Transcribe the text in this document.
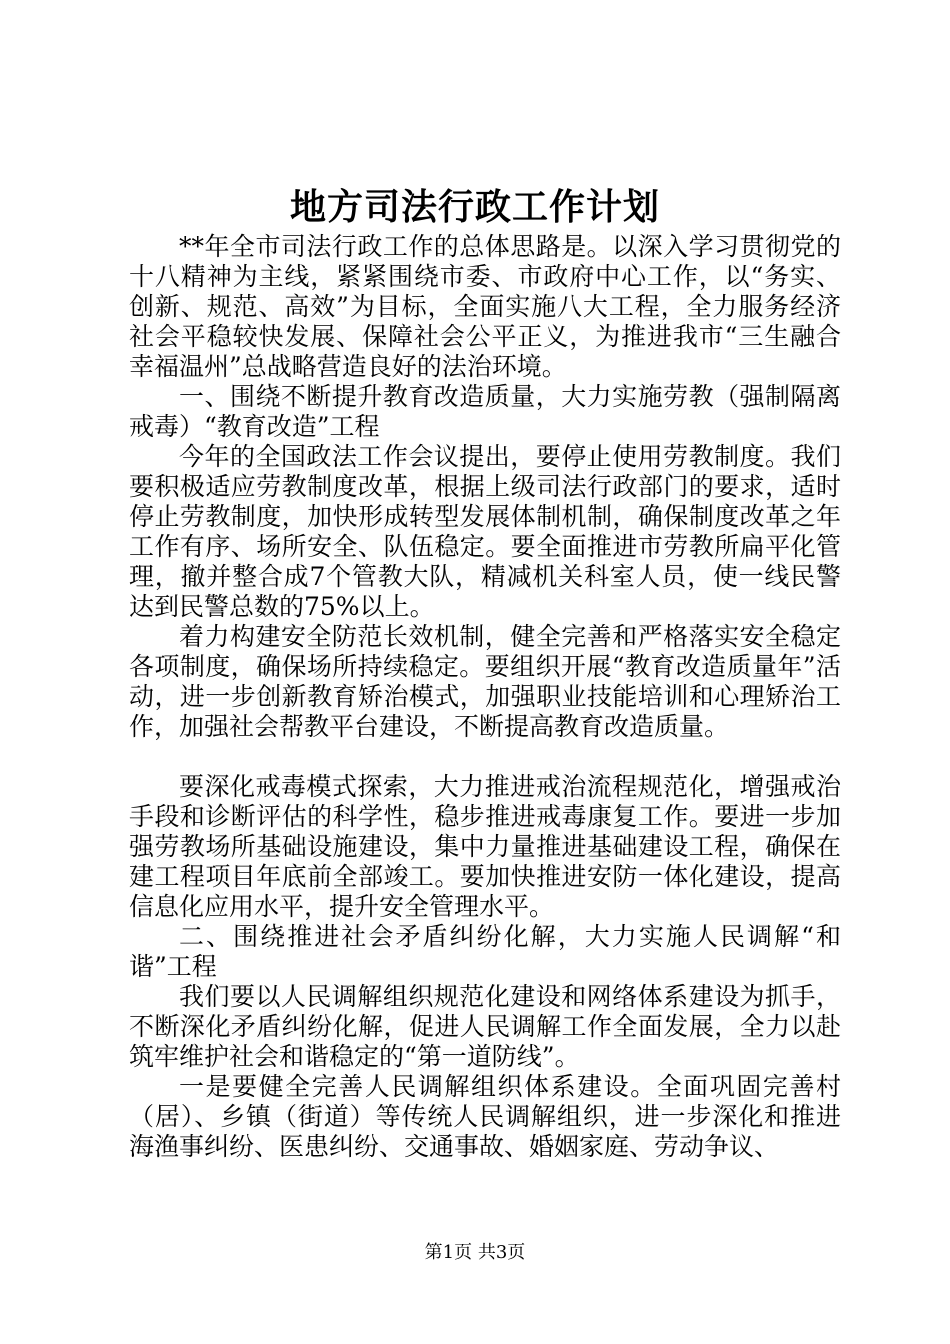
地方司法行政工作计划

**年全市司法行政工作的总体思路是。以深入学习贯彻党的十八精神为主线，紧紧围绕市委、市政府中心工作，以“务实、创新、规范、高效”为目标，全面实施八大工程，全力服务经济社会平稳较快发展、保障社会公平正义，为推进我市“三生融合幸福温州”总战略营造良好的法治环境。

一、围绕不断提升教育改造质量，大力实施劳教（强制隔离戒毒）“教育改造”工程

今年的全国政法工作会议提出，要停止使用劳教制度。我们要积极适应劳教制度改革，根据上级司法行政部门的要求，适时停止劳教制度，加快形成转型发展体制机制，确保制度改革之年工作有序、场所安全、队伍稳定。要全面推进市劳教所扁平化管理，撤并整合成7个管教大队，精减机关科室人员，使一线民警达到民警总数的75%以上。

着力构建安全防范长效机制，健全完善和严格落实安全稳定各项制度，确保场所持续稳定。要组织开展“教育改造质量年”活动，进一步创新教育矫治模式，加强职业技能培训和心理矫治工作，加强社会帮教平台建设，不断提高教育改造质量。

要深化戒毒模式探索，大力推进戒治流程规范化，增强戒治手段和诊断评估的科学性，稳步推进戒毒康复工作。要进一步加强劳教场所基础设施建设，集中力量推进基础建设工程，确保在建工程项目年底前全部竣工。要加快推进安防一体化建设，提高信息化应用水平，提升安全管理水平。

二、围绕推进社会矛盾纠纷化解，大力实施人民调解“和谐”工程

我们要以人民调解组织规范化建设和网络体系建设为抓手，不断深化矛盾纠纷化解，促进人民调解工作全面发展，全力以赴筑牢维护社会和谐稳定的“第一道防线”。

一是要健全完善人民调解组织体系建设。全面巩固完善村（居）、乡镇（街道）等传统人民调解组织，进一步深化和推进海渔事纠纷、医患纠纷、交通事故、婚姻家庭、劳动争议、

第1页 共3页
